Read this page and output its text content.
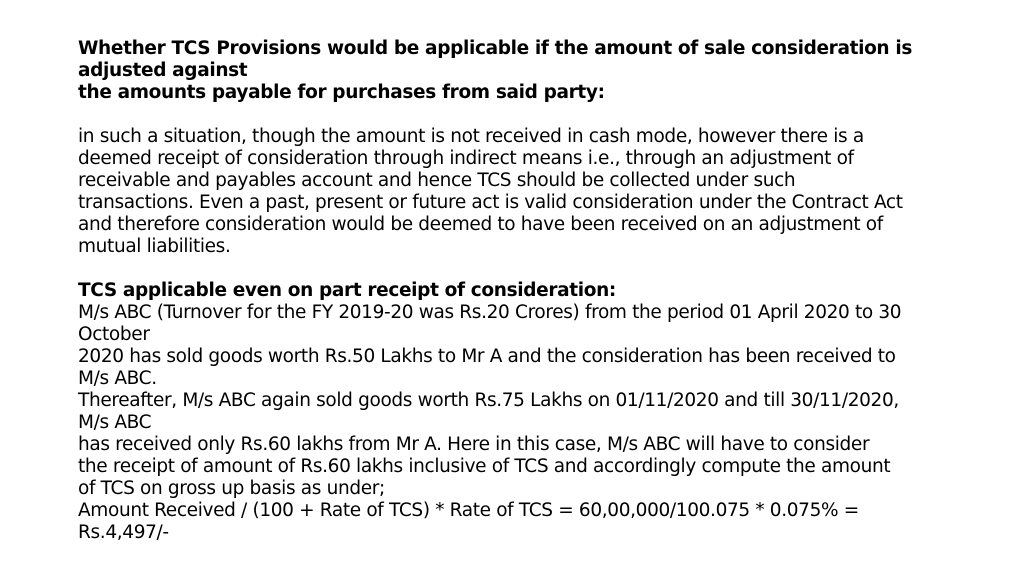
Whether TCS Provisions would be applicable if the amount of sale consideration is
adjusted against
the amounts payable for purchases from said party:
in such a situation, though the amount is not received in cash mode, however there is a
deemed receipt of consideration through indirect means i.e., through an adjustment of
receivable and payables account and hence TCS should be collected under such
transactions. Even a past, present or future act is valid consideration under the Contract Act
and therefore consideration would be deemed to have been received on an adjustment of
mutual liabilities.
TCS applicable even on part receipt of consideration:
M/s ABC (Turnover for the FY 2019-20 was Rs.20 Crores) from the period 01 April 2020 to 30
October
2020 has sold goods worth Rs.50 Lakhs to Mr A and the consideration has been received to
M/s ABC.
Thereafter, M/s ABC again sold goods worth Rs.75 Lakhs on 01/11/2020 and till 30/11/2020,
M/s ABC
has received only Rs.60 lakhs from Mr A. Here in this case, M/s ABC will have to consider
the receipt of amount of Rs.60 lakhs inclusive of TCS and accordingly compute the amount
of TCS on gross up basis as under;
Amount Received / (100 + Rate of TCS) * Rate of TCS = 60,00,000/100.075 * 0.075% =
Rs.4,497/-
